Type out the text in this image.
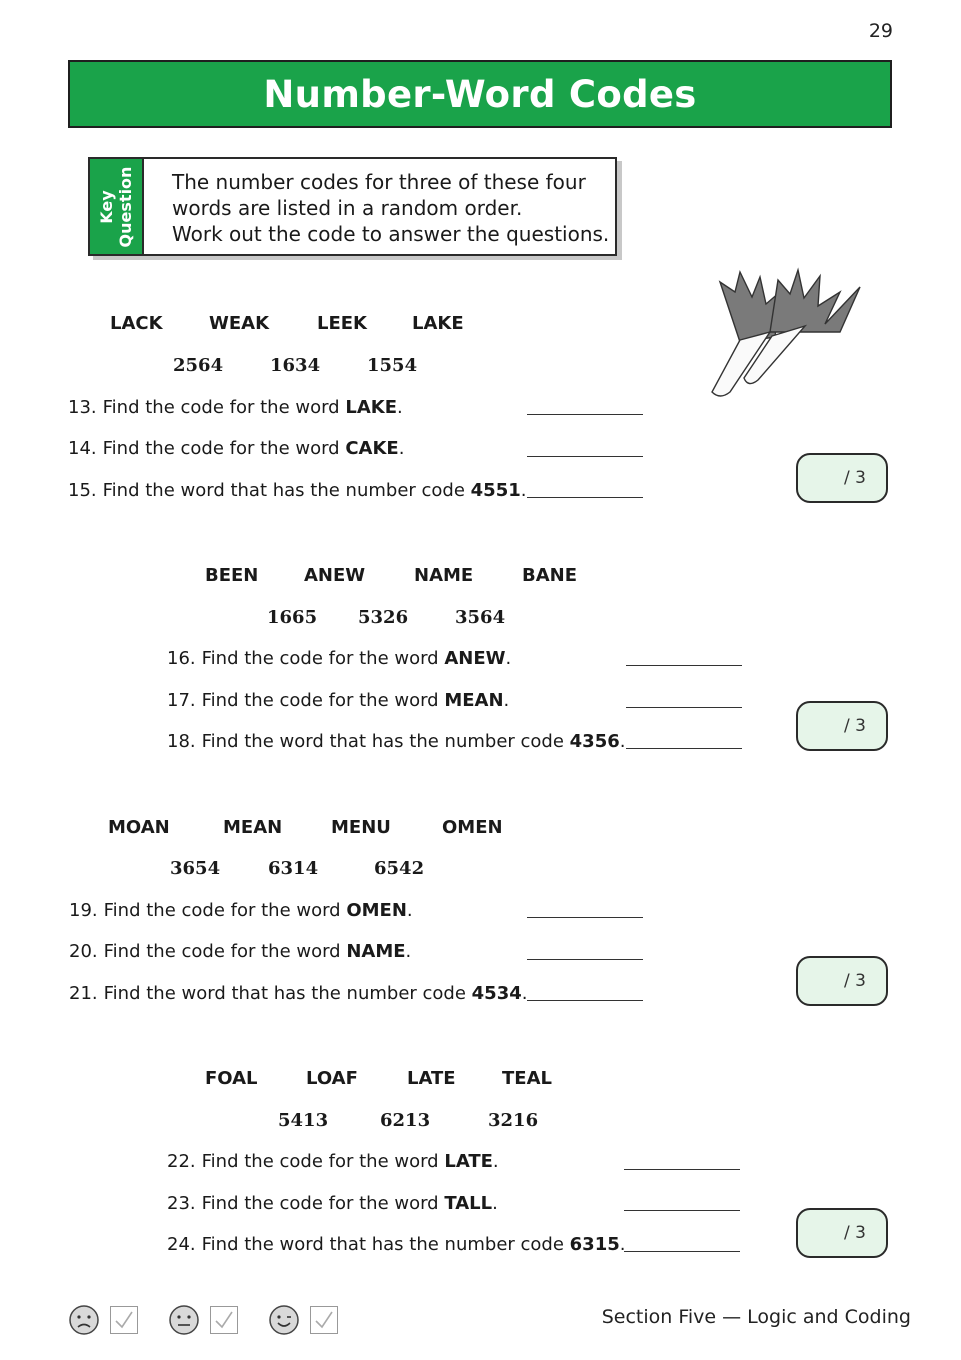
29
Number-Word Codes
Key Question The number codes for three of these four
words are listed in a random order.
Work out the code to answer the questions.
LACK	WEAK	LEEK	LAKE
2564	1634	1554
13. Find the code for the word LAKE.
14. Find the code for the word CAKE.
15. Find the word that has the number code 4551.
/ 3
BEEN	ANEW	NAME	BANE
1665	5326	3564
16. Find the code for the word ANEW.
17. Find the code for the word MEAN.
18. Find the word that has the number code 4356.
/ 3
MOAN	MEAN	MENU	OMEN
3654	6314	6542
19. Find the code for the word OMEN.
20. Find the code for the word NAME.
21. Find the word that has the number code 4534.
/ 3
FOAL	LOAF	LATE	TEAL
5413	6213	3216
22. Find the code for the word LATE.
23. Find the code for the word TALL.
24. Find the word that has the number code 6315.
/ 3
Section Five — Logic and Coding
